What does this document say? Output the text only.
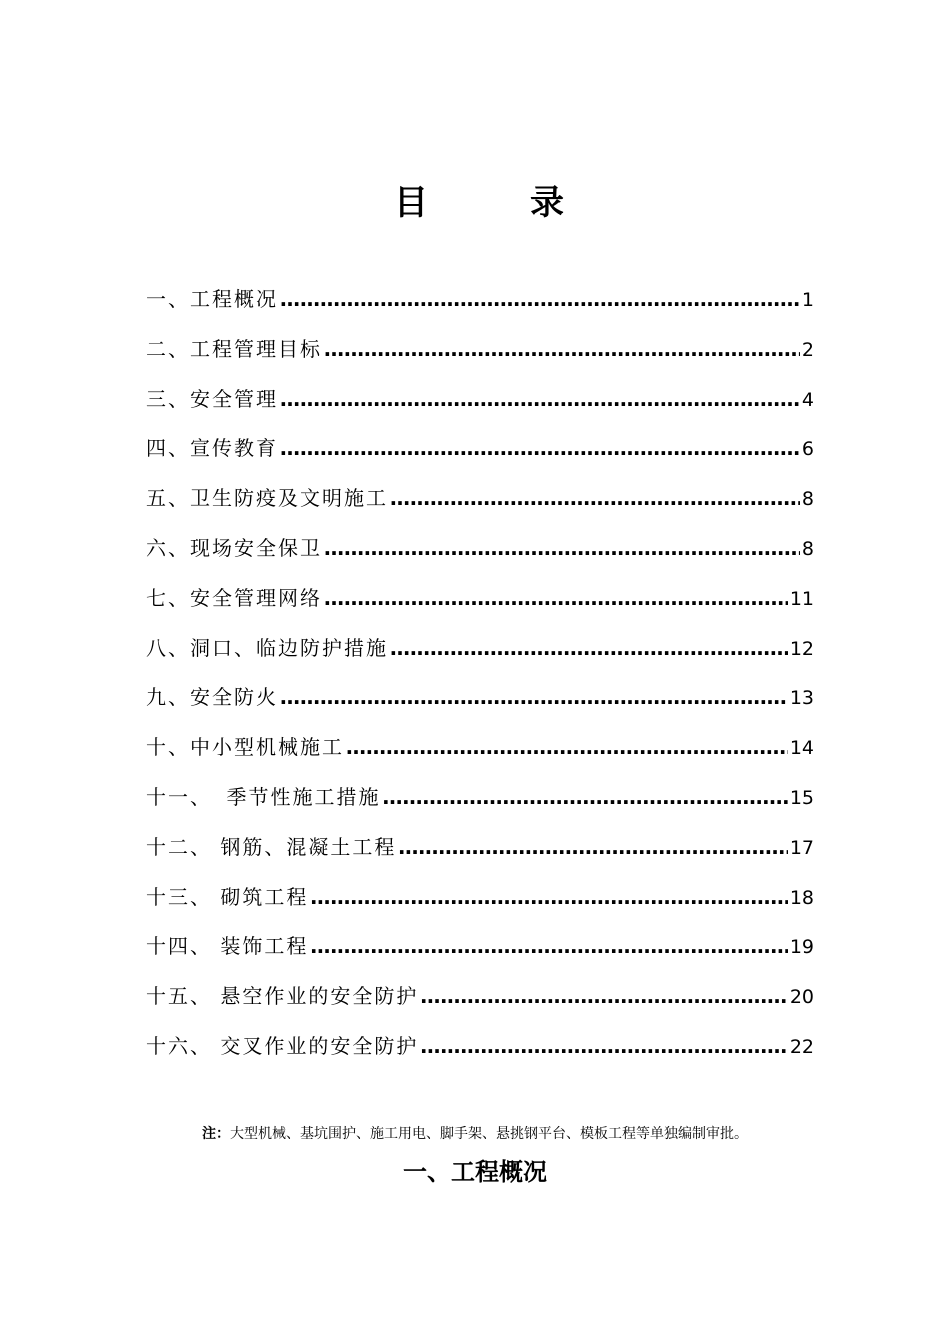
目	录
一、工程概况 ……………………………………………………………………………………………………………………………………………	1
二、工程管理目标 ……………………………………………………………………………………………………………………………………………	2
三、安全管理 ……………………………………………………………………………………………………………………………………………	4
四、宣传教育 ……………………………………………………………………………………………………………………………………………	6
五、卫生防疫及文明施工 ……………………………………………………………………………………………………………………………………………	8
六、现场安全保卫 ……………………………………………………………………………………………………………………………………………	8
七、安全管理网络 ……………………………………………………………………………………………………………………………………………	11
八、洞口、临边防护措施 ……………………………………………………………………………………………………………………………………………	12
九、安全防火 ……………………………………………………………………………………………………………………………………………	13
十、中小型机械施工 ……………………………………………………………………………………………………………………………………………	14
十一、 季节性施工措施 ……………………………………………………………………………………………………………………………………………	15
十二、 钢筋、混凝土工程 ……………………………………………………………………………………………………………………………………………	17
十三、 砌筑工程 ……………………………………………………………………………………………………………………………………………	18
十四、 装饰工程 ……………………………………………………………………………………………………………………………………………	19
十五、 悬空作业的安全防护 ……………………………………………………………………………………………………………………………………………	20
十六、 交叉作业的安全防护 ……………………………………………………………………………………………………………………………………………	22
注：大型机械、基坑围护、施工用电、脚手架、悬挑钢平台、模板工程等单独编制审批。
一、工程概况
